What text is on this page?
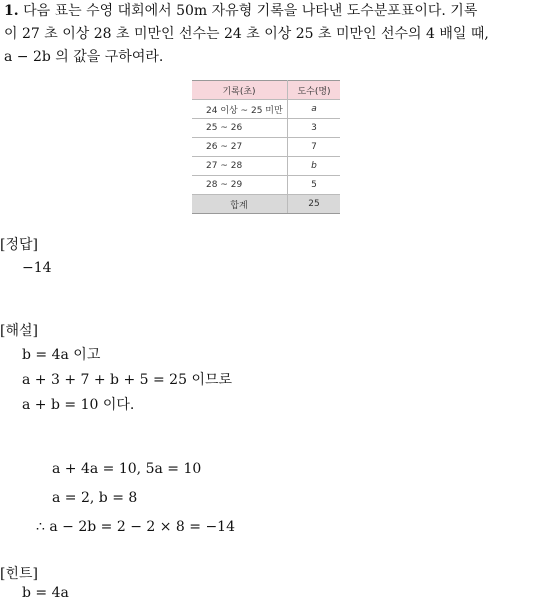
1. 다음 표는 수영 대회에서 50m 자유형 기록을 나타낸 도수분포표이다. 기록
이 27 초 이상 28 초 미만인 선수는 24 초 이상 25 초 미만인 선수의 4 배일 때,
a − 2b 의 값을 구하여라.
기록(초)	도수(명)
24 이상 ~ 25 미만	a
25 ~ 26	3
26 ~ 27	7
27 ~ 28	b
28 ~ 29	5
합계	25
[정답]
−14
[해설]
b = 4a 이고
a + 3 + 7 + b + 5 = 25 이므로
a + b = 10 이다.
a + 4a = 10, 5a = 10
a = 2, b = 8
∴ a − 2b = 2 − 2 × 8 = −14
[힌트]
b = 4a
